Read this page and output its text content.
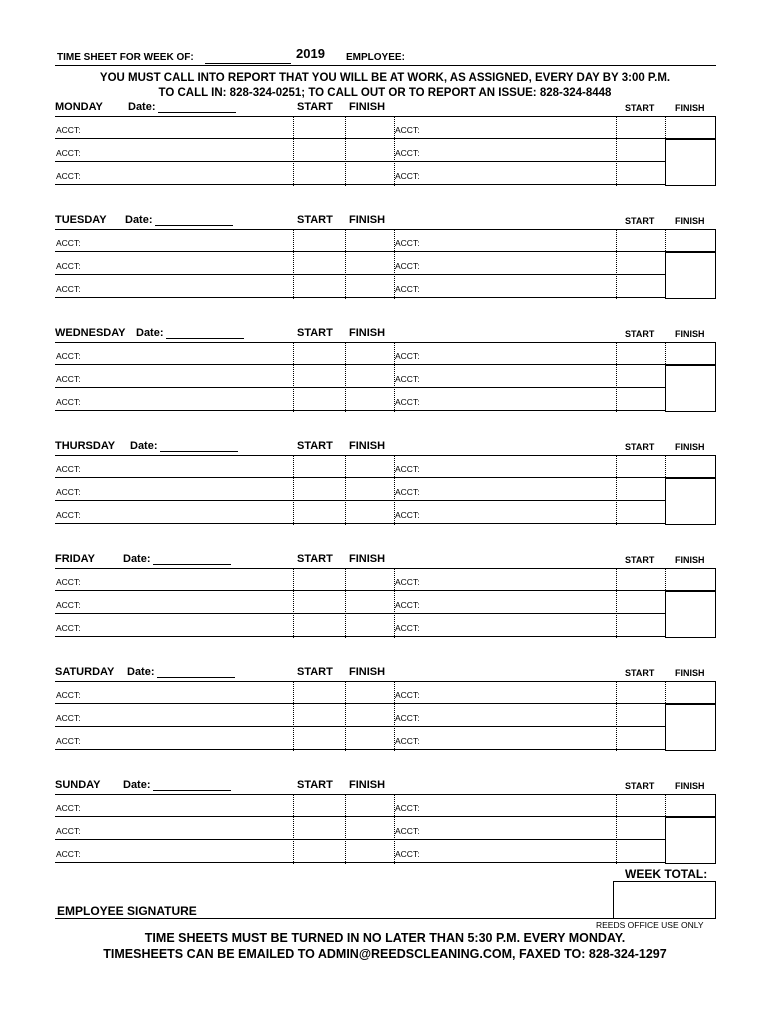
TIME SHEET FOR WEEK OF:	2019 EMPLOYEE:
YOU MUST CALL INTO REPORT THAT YOU WILL BE AT WORK, AS ASSIGNED, EVERY DAY BY 3:00 P.M.
TO CALL IN: 828-324-0251; TO CALL OUT OR TO REPORT AN ISSUE: 828-324-8448
MONDAY Date:	START FINISH	START FINISH
ACCT:	ACCT:
ACCT:	ACCT:
ACCT:	ACCT:
TUESDAY Date:	START FINISH	START FINISH
ACCT:	ACCT:
ACCT:	ACCT:
ACCT:	ACCT:
WEDNESDAY Date:	START FINISH	START FINISH
ACCT:	ACCT:
ACCT:	ACCT:
ACCT:	ACCT:
THURSDAY Date:	START FINISH	START FINISH
ACCT:	ACCT:
ACCT:	ACCT:
ACCT:	ACCT:
FRIDAY	Date:	START FINISH	START FINISH
ACCT:	ACCT:
ACCT:	ACCT:
ACCT:	ACCT:
SATURDAY Date:	START FINISH	START FINISH
ACCT:	ACCT:
ACCT:	ACCT:
ACCT:	ACCT:
SUNDAY Date:	START FINISH	START FINISH
ACCT:	ACCT:
ACCT:	ACCT:
ACCT:	ACCT:
WEEK TOTAL:
EMPLOYEE SIGNATURE
REEDS OFFICE USE ONLY
TIME SHEETS MUST BE TURNED IN NO LATER THAN 5:30 P.M. EVERY MONDAY.
TIMESHEETS CAN BE EMAILED TO ADMIN@REEDSCLEANING.COM, FAXED TO: 828-324-1297
